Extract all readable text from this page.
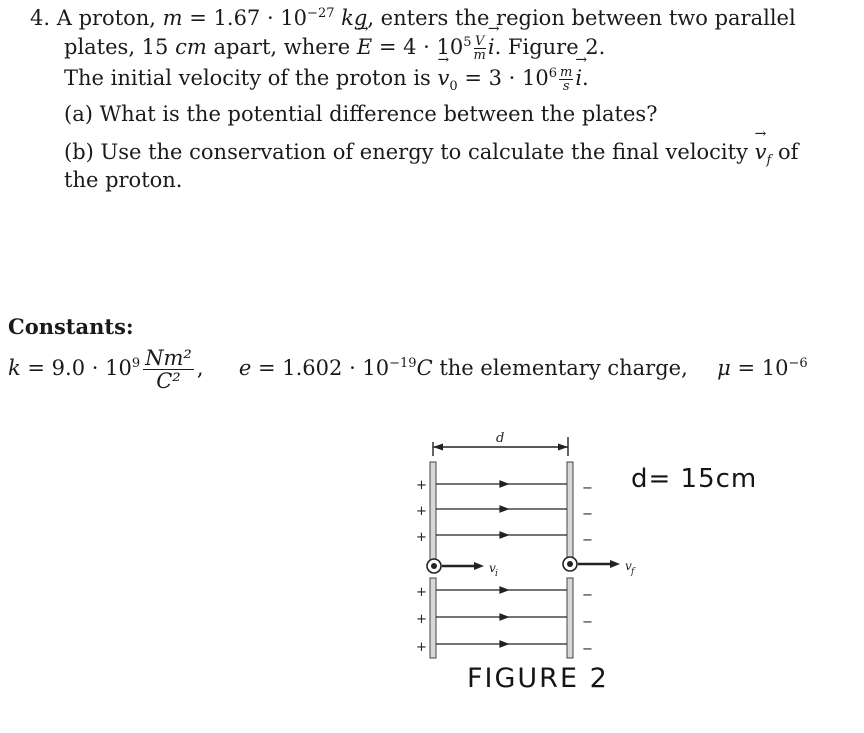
4. A proton, $m = 1.67 \cdot 10^{-27}$ kg, enters the region between two parallel
plates, 15 cm apart, where → $E = 4 \cdot 10^5 \frac{V}{m}$
→ i. Figure 2.
The initial velocity of the proton is → $v_0 = 3 \cdot 10^6 \frac{m}{s}$
→ i.
(a) What is the potential difference between the plates?
(b) Use the conservation of energy to calculate the final velocity → $v_f$ of
the proton.
Constants:
$k = 9.0 \cdot 10^9 \frac{\text{Nm²}}{\text{C²}}$ , $e = 1.602 \cdot 10^{-19}C$ the elementary charge, $\mu = 10^{-6}$
d
+
+
+
+
+
+
−
−
−
−
−
−
v i
v f
d= 15cm
FIGURE 2
